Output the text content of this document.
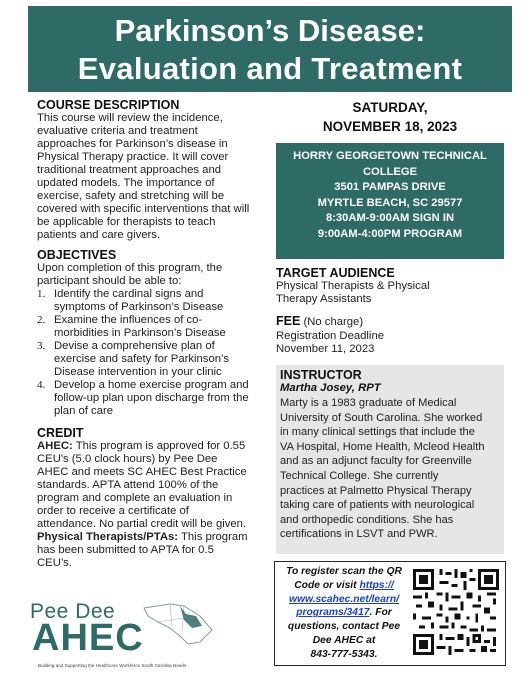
Parkinson’s Disease:
Evaluation and Treatment
COURSE DESCRIPTION
This course will review the incidence,
evaluative criteria and treatment
approaches for Parkinson’s disease in
Physical Therapy practice. It will cover
traditional treatment approaches and
updated models. The importance of
exercise, safety and stretching will be
covered with specific interventions that will
be applicable for therapists to teach
patients and care givers.
OBJECTIVES
Upon completion of this program, the
participant should be able to:
1. Identify the cardinal signs and
symptoms of Parkinson’s Disease
2. Examine the influences of co-
morbidities in Parkinson’s Disease
3. Devise a comprehensive plan of
exercise and safety for Parkinson’s
Disease intervention in your clinic
4. Develop a home exercise program and
follow-up plan upon discharge from the
plan of care
CREDIT
AHEC: This program is approved for 0.55
CEU's (5.0 clock hours) by Pee Dee
AHEC and meets SC AHEC Best Practice
standards. APTA attend 100% of the
program and complete an evaluation in
order to receive a certificate of
attendance. No partial credit will be given.
Physical Therapists/PTAs: This program
has been submitted to APTA for 0.5
CEU’s.
SATURDAY,
NOVEMBER 18, 2023
HORRY GEORGETOWN TECHNICAL
COLLEGE
3501 PAMPAS DRIVE
MYRTLE BEACH, SC 29577
8:30AM-9:00AM SIGN IN
9:00AM-4:00PM PROGRAM
TARGET AUDIENCE
Physical Therapists & Physical
Therapy Assistants
FEE (No charge)
Registration Deadline
November 11, 2023
INSTRUCTOR
Martha Josey, RPT
Marty is a 1983 graduate of Medical
University of South Carolina. She worked
in many clinical settings that include the
VA Hospital, Home Health, Mcleod Health
and as an adjunct faculty for Greenville
Technical College. She currently
practices at Palmetto Physical Therapy
taking care of patients with neurological
and orthopedic conditions. She has
certifications in LSVT and PWR.
To register scan the QR
Code or visit https://
www.scahec.net/learn/
programs/3417. For
questions, contact Pee
Dee AHEC at
843-777-5343.
Pee Dee
AHEC
Building and Supporting the Healthcare Workforce South Carolina Needs
